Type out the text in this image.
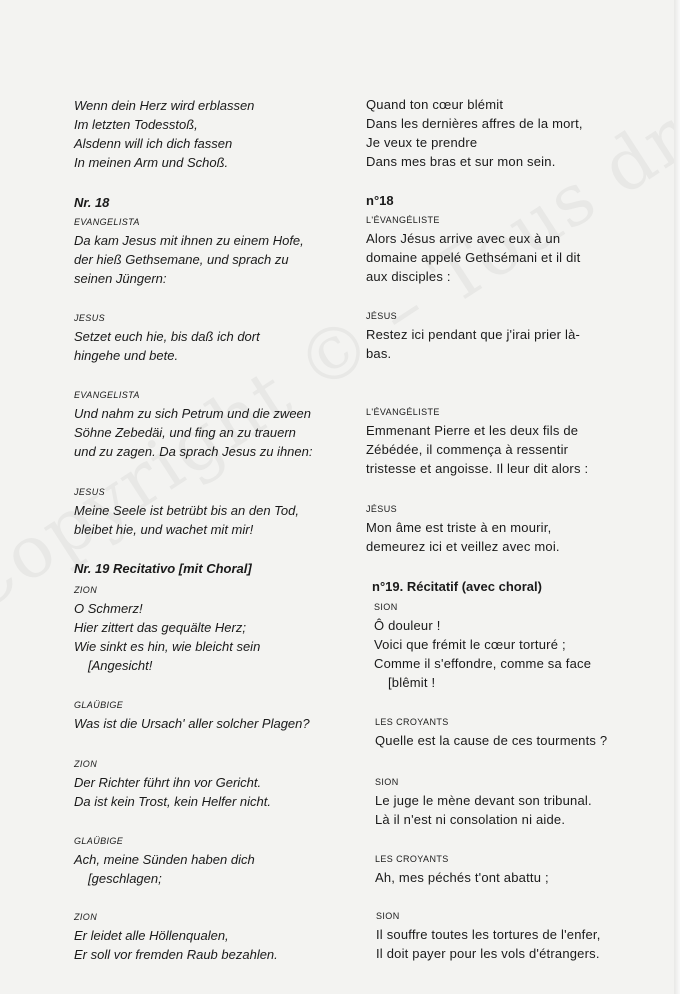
Wenn dein Herz wird erblassen
Im letzten Todesstoß,
Alsdenn will ich dich fassen
In meinen Arm und Schoß.
Nr. 18
EVANGELISTA
Da kam Jesus mit ihnen zu einem Hofe,
der hieß Gethsemane, und sprach zu
seinen Jüngern:
JESUS
Setzet euch hie, bis daß ich dort
hingehe und bete.
EVANGELISTA
Und nahm zu sich Petrum und die zween
Söhne Zebedäi, und fing an zu trauern
und zu zagen. Da sprach Jesus zu ihnen:
JESUS
Meine Seele ist betrübt bis an den Tod,
bleibet hie, und wachet mit mir!
Nr. 19 Recitativo [mit Choral]
ZION
O Schmerz!
Hier zittert das gequälte Herz;
Wie sinkt es hin, wie bleicht sein
[Angesicht!
GLAÜBIGE
Was ist die Ursach' aller solcher Plagen?
ZION
Der Richter führt ihn vor Gericht.
Da ist kein Trost, kein Helfer nicht.
GLAÜBIGE
Ach, meine Sünden haben dich
[geschlagen;
ZION
Er leidet alle Höllenqualen,
Er soll vor fremden Raub bezahlen.
Quand ton cœur blémit
Dans les dernières affres de la mort,
Je veux te prendre
Dans mes bras et sur mon sein.
n°18
L'ÉVANGÉLISTE
Alors Jésus arrive avec eux à un
domaine appelé Gethsémani et il dit
aux disciples :
JÉSUS
Restez ici pendant que j'irai prier là-
bas.
L'ÉVANGÉLISTE
Emmenant Pierre et les deux fils de
Zébédée, il commença à ressentir
tristesse et angoisse. Il leur dit alors :
JÉSUS
Mon âme est triste à en mourir,
demeurez ici et veillez avec moi.
n°19. Récitatif (avec choral)
SION
Ô douleur !
Voici que frémit le cœur torturé ;
Comme il s'effondre, comme sa face
[blêmit !
LES CROYANTS
Quelle est la cause de ces tourments ?
SION
Le juge le mène devant son tribunal.
Là il n'est ni consolation ni aide.
LES CROYANTS
Ah, mes péchés t'ont abattu ;
SION
Il souffre toutes les tortures de l'enfer,
Il doit payer pour les vols d'étrangers.
